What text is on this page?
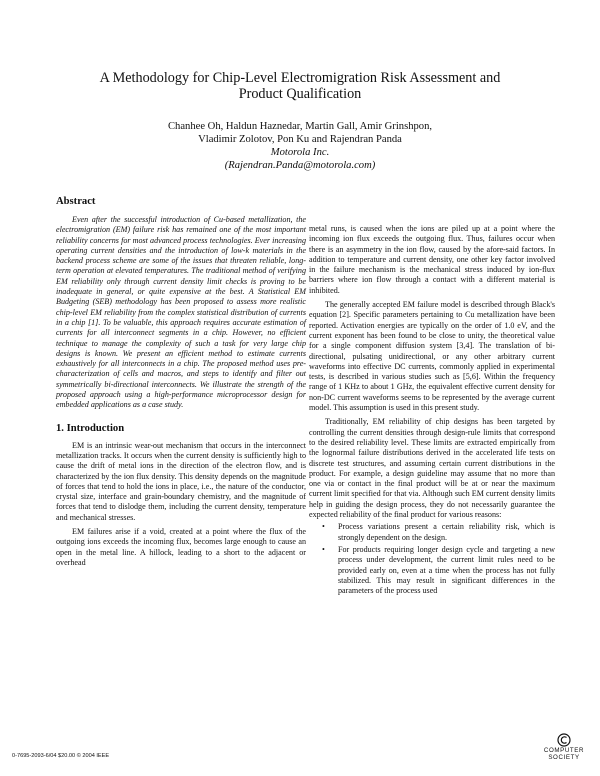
A Methodology for Chip-Level Electromigration Risk Assessment and
Product Qualification
Chanhee Oh, Haldun Haznedar, Martin Gall, Amir Grinshpon,
Vladimir Zolotov, Pon Ku and Rajendran Panda
Motorola Inc.
(Rajendran.Panda@motorola.com)
Abstract

Even after the successful introduction of Cu-based metallization, the electromigration (EM) failure risk has remained one of the most important reliability concerns for most advanced process technologies. Ever increasing operating current densities and the introduction of low-k materials in the backend process scheme are some of the issues that threaten reliable, long-term operation at elevated temperatures. The traditional method of verifying EM reliability only through current density limit checks is proving to be inadequate in general, or quite expensive at the best. A Statistical EM Budgeting (SEB) methodology has been proposed to assess more realistic chip-level EM reliability from the complex statistical distribution of currents in a chip [1]. To be valuable, this approach requires accurate estimation of currents for all interconnect segments in a chip. However, no efficient technique to manage the complexity of such a task for very large chip designs is known. We present an efficient method to estimate currents exhaustively for all interconnects in a chip. The proposed method uses pre-characterization of cells and macros, and steps to identify and filter out symmetrically bi-directional interconnects. We illustrate the strength of the proposed approach using a high-performance microprocessor design for embedded applications as a case study.

1. Introduction

EM is an intrinsic wear-out mechanism that occurs in the interconnect metallization tracks. It occurs when the current density is sufficiently high to cause the drift of metal ions in the direction of the electron flow, and is characterized by the ion flux density. This density depends on the magnitude of forces that tend to hold the ions in place, i.e., the nature of the conductor, crystal size, interface and grain-boundary chemistry, and the magnitude of forces that tend to dislodge them, including the current density, temperature and mechanical stresses.

EM failures arise if a void, created at a point where the flux of the outgoing ions exceeds the incoming flux, becomes large enough to cause an open in the metal line. A hillock, leading to a short to the adjacent or overhead

metal runs, is caused when the ions are piled up at a point where the incoming ion flux exceeds the outgoing flux. Thus, failures occur when there is an asymmetry in the ion flow, caused by the afore-said factors. In addition to temperature and current density, one other key factor involved in the failure mechanism is the mechanical stress induced by ion-flux barriers where ion flow through a contact with a different material is inhibited.

The generally accepted EM failure model is described through Black's equation [2]. Specific parameters pertaining to Cu metallization have been reported. Activation energies are typically on the order of 1.0 eV, and the current exponent has been found to be close to unity, the theoretical value for a single component diffusion system [3,4]. The translation of bi-directional, pulsating unidirectional, or any other arbitrary current waveforms into effective DC currents, commonly applied in experimental tests, is described in various studies such as [5,6]. Within the frequency range of 1 KHz to about 1 GHz, the equivalent effective current density for non-DC current waveforms seems to be represented by the average current model. This assumption is used in this present study.

Traditionally, EM reliability of chip designs has been targeted by controlling the current densities through design-rule limits that correspond to the desired reliability level. These limits are extracted empirically from the lognormal failure distributions derived in the accelerated life tests on discrete test structures, and assuming certain current distributions in the product. For example, a design guideline may assume that no more than one via or contact in the final product will be at or near the maximum current limit specified for that via. Although such EM current density limits help in guiding the design process, they do not necessarily guarantee the expected reliability of the final product for various reasons:

• Process variations present a certain reliability risk, which is strongly dependent on the design.
• For products requiring longer design cycle and targeting a new process under development, the current limit rules need to be provided early on, even at a time when the process has not fully stabilized. This may result in significant differences in the parameters of the process used
0-7695-2093-6/04 $20.00 © 2004 IEEE
COMPUTER
SOCIETY
